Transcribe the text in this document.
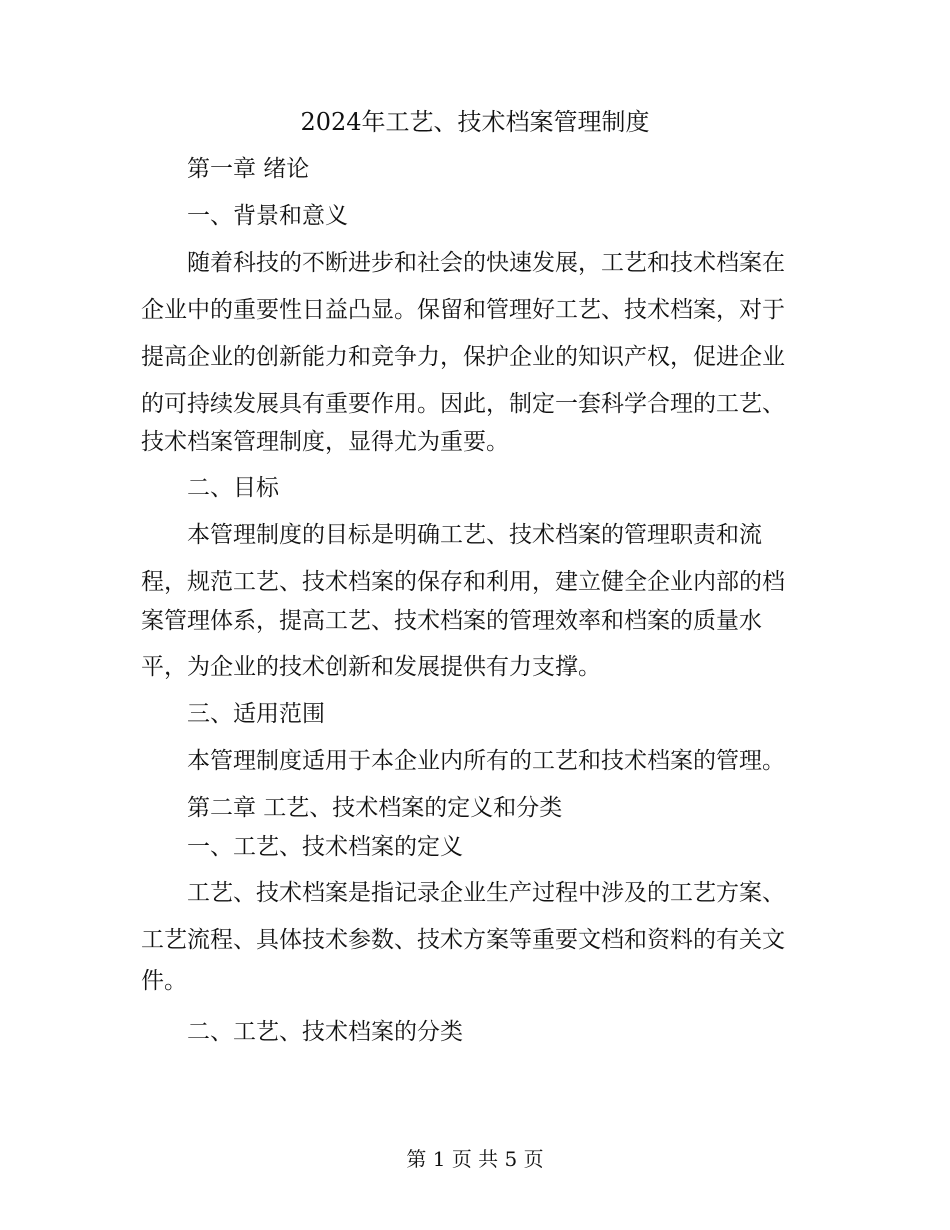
2024年工艺、技术档案管理制度
第一章 绪论
一、背景和意义
随着科技的不断进步和社会的快速发展，工艺和技术档案在
企业中的重要性日益凸显。保留和管理好工艺、技术档案，对于
提高企业的创新能力和竞争力，保护企业的知识产权，促进企业
的可持续发展具有重要作用。因此，制定一套科学合理的工艺、
技术档案管理制度，显得尤为重要。
二、目标
本管理制度的目标是明确工艺、技术档案的管理职责和流
程，规范工艺、技术档案的保存和利用，建立健全企业内部的档
案管理体系，提高工艺、技术档案的管理效率和档案的质量水
平，为企业的技术创新和发展提供有力支撑。
三、适用范围
本管理制度适用于本企业内所有的工艺和技术档案的管理。
第二章 工艺、技术档案的定义和分类
一、工艺、技术档案的定义
工艺、技术档案是指记录企业生产过程中涉及的工艺方案、
工艺流程、具体技术参数、技术方案等重要文档和资料的有关文
件。
二、工艺、技术档案的分类
第 1 页 共 5 页
